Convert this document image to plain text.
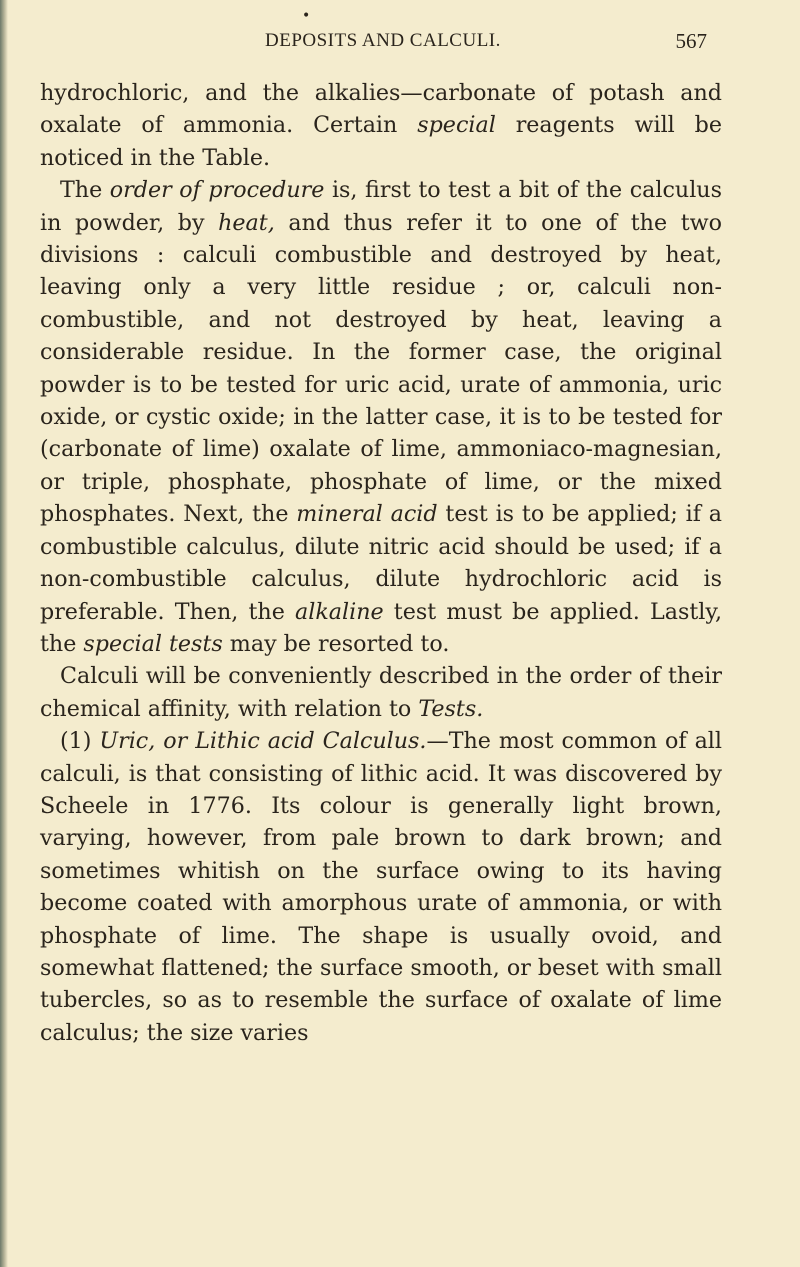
•
DEPOSITS AND CALCULI.	567

hydrochloric, and the alkalies—carbonate of potash and oxalate of ammonia. Certain special reagents will be noticed in the Table.

The order of procedure is, first to test a bit of the calculus in powder, by heat, and thus refer it to one of the two divisions : calculi combustible and destroyed by heat, leaving only a very little residue ; or, calculi non-combustible, and not destroyed by heat, leaving a considerable residue. In the former case, the original powder is to be tested for uric acid, urate of ammonia, uric oxide, or cystic oxide; in the latter case, it is to be tested for (carbonate of lime) oxalate of lime, ammoniaco-magnesian, or triple, phosphate, phosphate of lime, or the mixed phosphates. Next, the mineral acid test is to be applied; if a combustible calculus, dilute nitric acid should be used; if a non-combustible calculus, dilute hydrochloric acid is preferable. Then, the alkaline test must be applied. Lastly, the special tests may be resorted to.

Calculi will be conveniently described in the order of their chemical affinity, with relation to Tests.

(1) Uric, or Lithic acid Calculus.—The most common of all calculi, is that consisting of lithic acid. It was discovered by Scheele in 1776. Its colour is generally light brown, varying, however, from pale brown to dark brown; and sometimes whitish on the surface owing to its having become coated with amorphous urate of ammonia, or with phosphate of lime. The shape is usually ovoid, and somewhat flattened; the surface smooth, or beset with small tubercles, so as to resemble the surface of oxalate of lime calculus; the size varies
